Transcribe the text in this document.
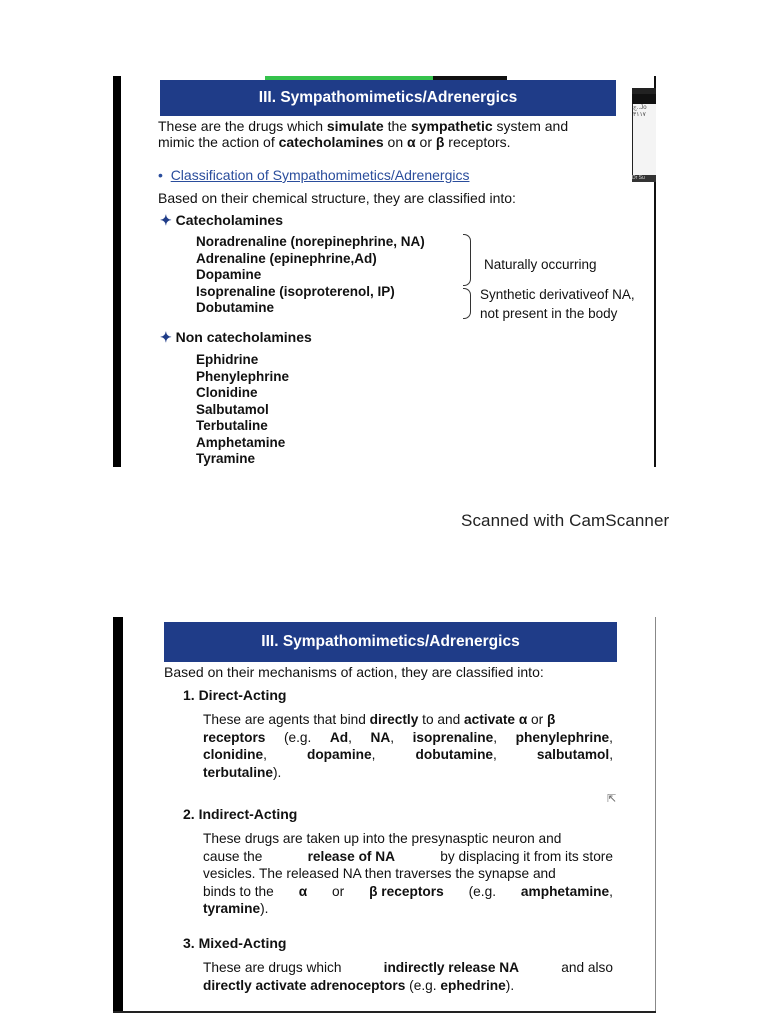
III. Sympathomimetics/Adrenergics
These are the drugs which simulate the sympathetic system and
mimic the action of catecholamines on α or β receptors.
• Classification of Sympathomimetics/Adrenergics
Based on their chemical structure, they are classified into:
✦ Catecholamines
Noradrenaline (norepinephrine, NA)
Adrenaline (epinephrine,Ad)
Dopamine
Isoprenaline (isoproterenol, IP)
Dobutamine
Naturally occurring
Synthetic derivativeof NA,
not present in the body
✦ Non catecholamines
Ephidrine
Phenylephrine
Clonidine
Salbutamol
Terbutaline
Amphetamine
Tyramine
ج..Jo
۳۱۱۷
Dr Su
Scanned with CamScanner
III. Sympathomimetics/Adrenergics
Based on their mechanisms of action, they are classified into:
1. Direct-Acting
These are agents that bind directly to and activate α or β
receptors (e.g. Ad, NA, isoprenaline, phenylephrine,
clonidine,	dopamine,	dobutamine,	salbutamol,
terbutaline).
⇱
2. Indirect-Acting
These drugs are taken up into the presynasptic neuron and
cause the	release of NA	by displacing it from its store
vesicles. The released NA then traverses the synapse and
binds to the α or β receptors (e.g. amphetamine,
tyramine).
3. Mixed-Acting
These are drugs which	indirectly release NA	and also
directly activate adrenoceptors (e.g. ephedrine).
